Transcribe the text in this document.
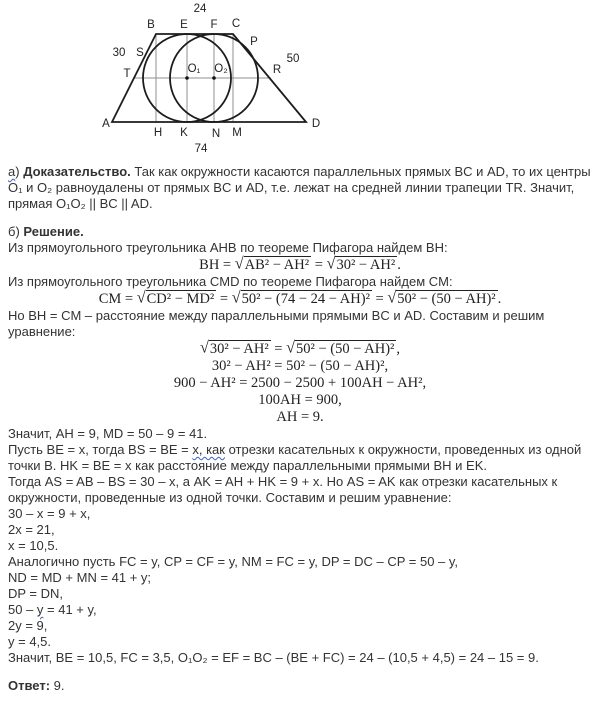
24
B E F C
P
30 S
T	O₁ O₂	R
50
A	D
H K N M
74
а) Доказательство. Так как окружности касаются параллельных прямых BC и AD, то их центры O₁ и O₂ равноудалены от прямых BC и AD, т.е. лежат на средней линии трапеции TR. Значит, прямая O₁O₂ || BC || AD.
б) Решение.
Из прямоугольного треугольника AHB по теореме Пифагора найдем BH:
BH = √AB² − AH² = √30² − AH² .
Из прямоугольного треугольника CMD по теореме Пифагора найдем CM:
CM = √CD² − MD² = √50² − (74 − 24 − AH)² = √50² − (50 − AH)² .
Но BH = CM – расстояние между параллельными прямыми BC и AD. Составим и решим уравнение:
√30² − AH² = √50² − (50 − AH)² ,
30² − AH² = 50² − (50 − AH)²,
900 − AH² = 2500 − 2500 + 100AH − AH²,
100AH = 900,
AH = 9.
Значит, AH = 9, MD = 50 – 9 = 41.
Пусть BE = x, тогда BS = BE = x, как отрезки касательных к окружности, проведенных из одной точки B. HK = BE = x как расстояние между параллельными прямыми BH и EK.
Тогда AS = AB – BS = 30 – x, а AK = AH + HK = 9 + x. Но AS = AK как отрезки касательных к окружности, проведенные из одной точки. Составим и решим уравнение:
30 – x = 9 + x,
2x = 21,
x = 10,5.
Аналогично пусть FC = y, CP = CF = y, NM = FC = y, DP = DC – CP = 50 – y,
ND = MD + MN = 41 + y;
DP = DN,
50 – y = 41 + y,
2y = 9,
y = 4,5.
Значит, BE = 10,5, FC = 3,5, O₁O₂ = EF = BC – (BE + FC) = 24 – (10,5 + 4,5) = 24 – 15 = 9.
Ответ: 9.
